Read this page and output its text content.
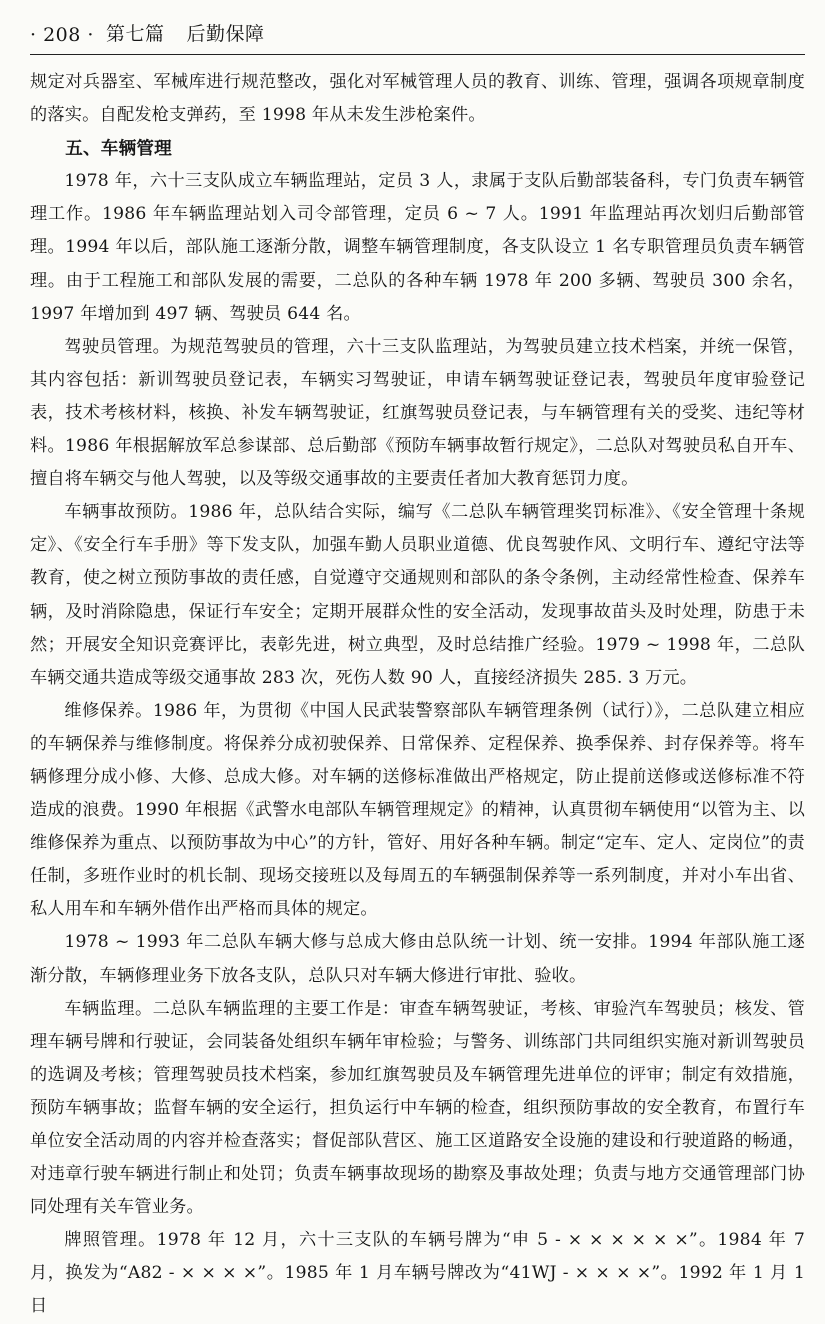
· 208 · 第七篇 后勤保障

规定对兵器室、军械库进行规范整改，强化对军械管理人员的教育、训练、管理，强调各项规章制度的落实。自配发枪支弹药，至 1998 年从未发生涉枪案件。

五、车辆管理

1978 年，六十三支队成立车辆监理站，定员 3 人，隶属于支队后勤部装备科，专门负责车辆管理工作。1986 年车辆监理站划入司令部管理，定员 6 ~ 7 人。1991 年监理站再次划归后勤部管理。1994 年以后，部队施工逐渐分散，调整车辆管理制度，各支队设立 1 名专职管理员负责车辆管理。由于工程施工和部队发展的需要，二总队的各种车辆 1978 年 200 多辆、驾驶员 300 余名，1997 年增加到 497 辆、驾驶员 644 名。

驾驶员管理。为规范驾驶员的管理，六十三支队监理站，为驾驶员建立技术档案，并统一保管，其内容包括：新训驾驶员登记表，车辆实习驾驶证，申请车辆驾驶证登记表，驾驶员年度审验登记表，技术考核材料，核换、补发车辆驾驶证，红旗驾驶员登记表，与车辆管理有关的受奖、违纪等材料。1986 年根据解放军总参谋部、总后勤部《预防车辆事故暂行规定》，二总队对驾驶员私自开车、擅自将车辆交与他人驾驶，以及等级交通事故的主要责任者加大教育惩罚力度。

车辆事故预防。1986 年，总队结合实际，编写《二总队车辆管理奖罚标准》、《安全管理十条规定》、《安全行车手册》等下发支队，加强车勤人员职业道德、优良驾驶作风、文明行车、遵纪守法等教育，使之树立预防事故的责任感，自觉遵守交通规则和部队的条令条例，主动经常性检查、保养车辆，及时消除隐患，保证行车安全；定期开展群众性的安全活动，发现事故苗头及时处理，防患于未然；开展安全知识竞赛评比，表彰先进，树立典型，及时总结推广经验。1979 ~ 1998 年，二总队车辆交通共造成等级交通事故 283 次，死伤人数 90 人，直接经济损失 285. 3 万元。

维修保养。1986 年，为贯彻《中国人民武装警察部队车辆管理条例（试行）》，二总队建立相应的车辆保养与维修制度。将保养分成初驶保养、日常保养、定程保养、换季保养、封存保养等。将车辆修理分成小修、大修、总成大修。对车辆的送修标准做出严格规定，防止提前送修或送修标准不符造成的浪费。1990 年根据《武警水电部队车辆管理规定》的精神，认真贯彻车辆使用“以管为主、以维修保养为重点、以预防事故为中心”的方针，管好、用好各种车辆。制定“定车、定人、定岗位”的责任制，多班作业时的机长制、现场交接班以及每周五的车辆强制保养等一系列制度，并对小车出省、私人用车和车辆外借作出严格而具体的规定。

1978 ~ 1993 年二总队车辆大修与总成大修由总队统一计划、统一安排。1994 年部队施工逐渐分散，车辆修理业务下放各支队，总队只对车辆大修进行审批、验收。

车辆监理。二总队车辆监理的主要工作是：审查车辆驾驶证，考核、审验汽车驾驶员；核发、管理车辆号牌和行驶证，会同装备处组织车辆年审检验；与警务、训练部门共同组织实施对新训驾驶员的选调及考核；管理驾驶员技术档案，参加红旗驾驶员及车辆管理先进单位的评审；制定有效措施，预防车辆事故；监督车辆的安全运行，担负运行中车辆的检查，组织预防事故的安全教育，布置行车单位安全活动周的内容并检查落实；督促部队营区、施工区道路安全设施的建设和行驶道路的畅通，对违章行驶车辆进行制止和处罚；负责车辆事故现场的勘察及事故处理；负责与地方交通管理部门协同处理有关车管业务。

牌照管理。1978 年 12 月，六十三支队的车辆号牌为“申 5 - × × × × × ×”。1984 年 7 月，换发为“A82 - × × × ×”。1985 年 1 月车辆号牌改为“41WJ - × × × ×”。1992 年 1 月 1 日
